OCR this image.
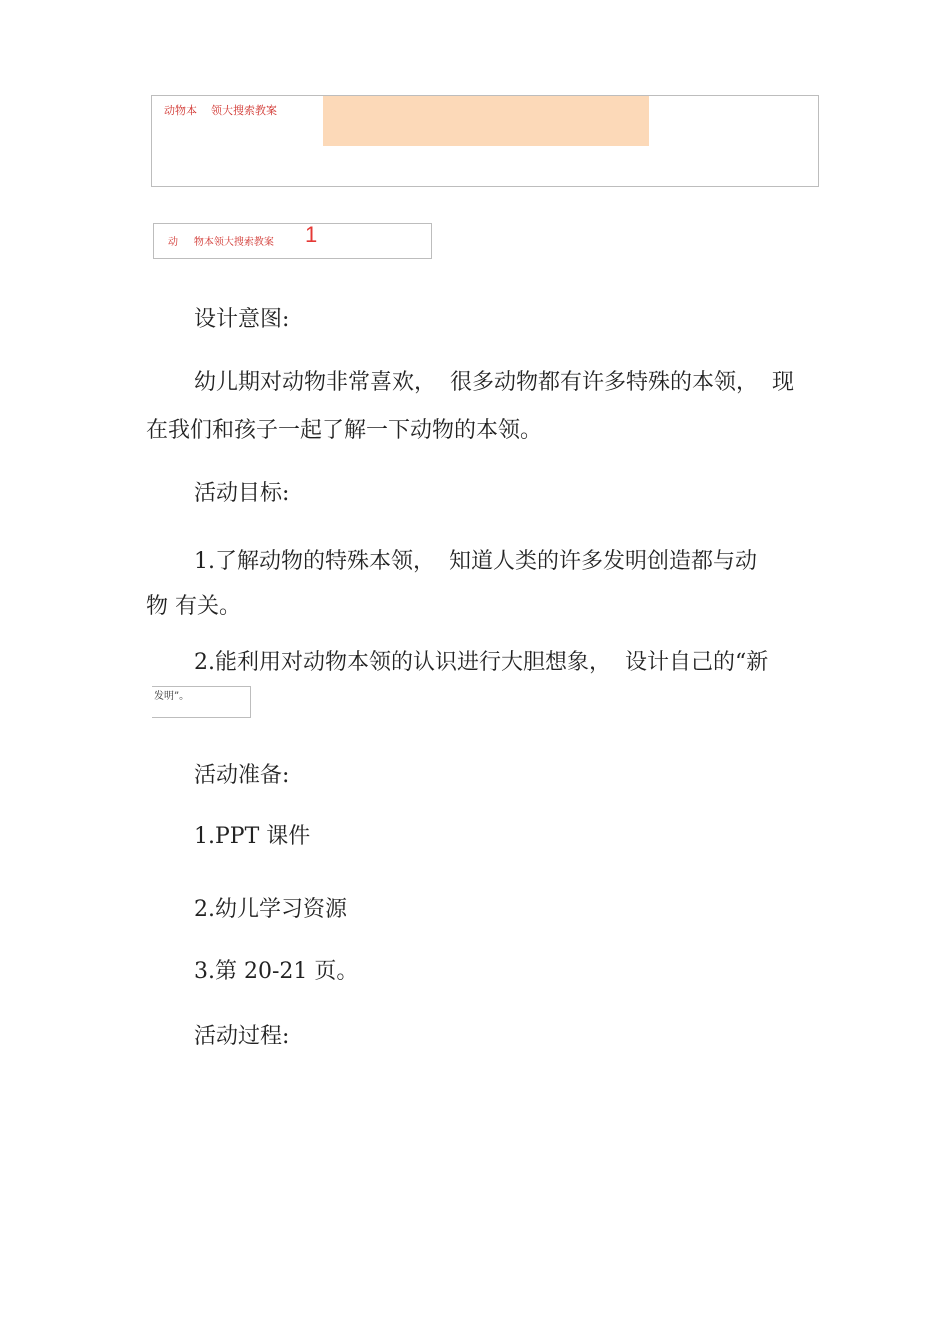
动物本    领大搜索教案
动     物本领大搜索教案 1
设计意图:
幼儿期对动物非常喜欢，  很多动物都有许多特殊的本领，  现
在我们和孩子一起了解一下动物的本领。
活动目标:
1.了解动物的特殊本领，  知道人类的许多发明创造都与动
物 有关。
2.能利用对动物本领的认识进行大胆想象，  设计自己的“新
发明”。
活动准备:
1.PPT 课件
2.幼儿学习资源
3.第 20-21 页。
活动过程:
